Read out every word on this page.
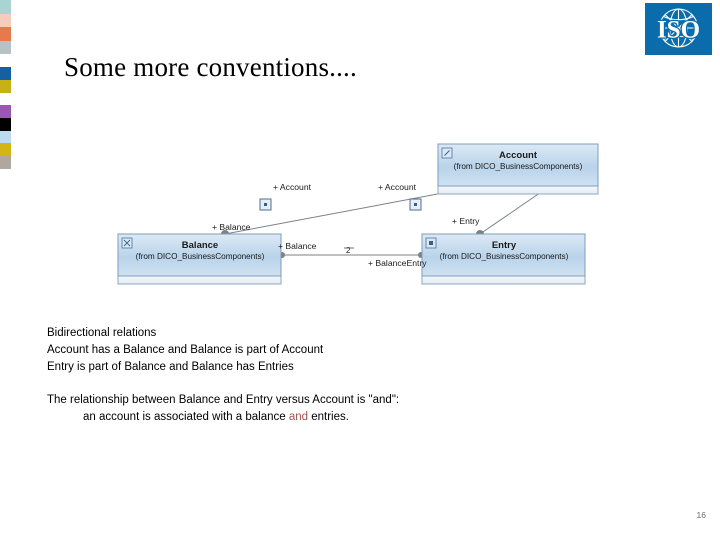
ISO
Some more conventions....
Account
(from DICO_BusinessComponents)
Balance
(from DICO_BusinessComponents)
Entry
(from DICO_BusinessComponents)
+ Account	+ Account
+ Entry
+ Balance
+ Balance
+ BalanceEntry
2
Bidirectional relations
Account has a Balance and Balance is part of Account
Entry is part of Balance and Balance has Entries
The relationship between Balance and Entry versus Account is "and":
an account is associated with a balance and entries.
16
